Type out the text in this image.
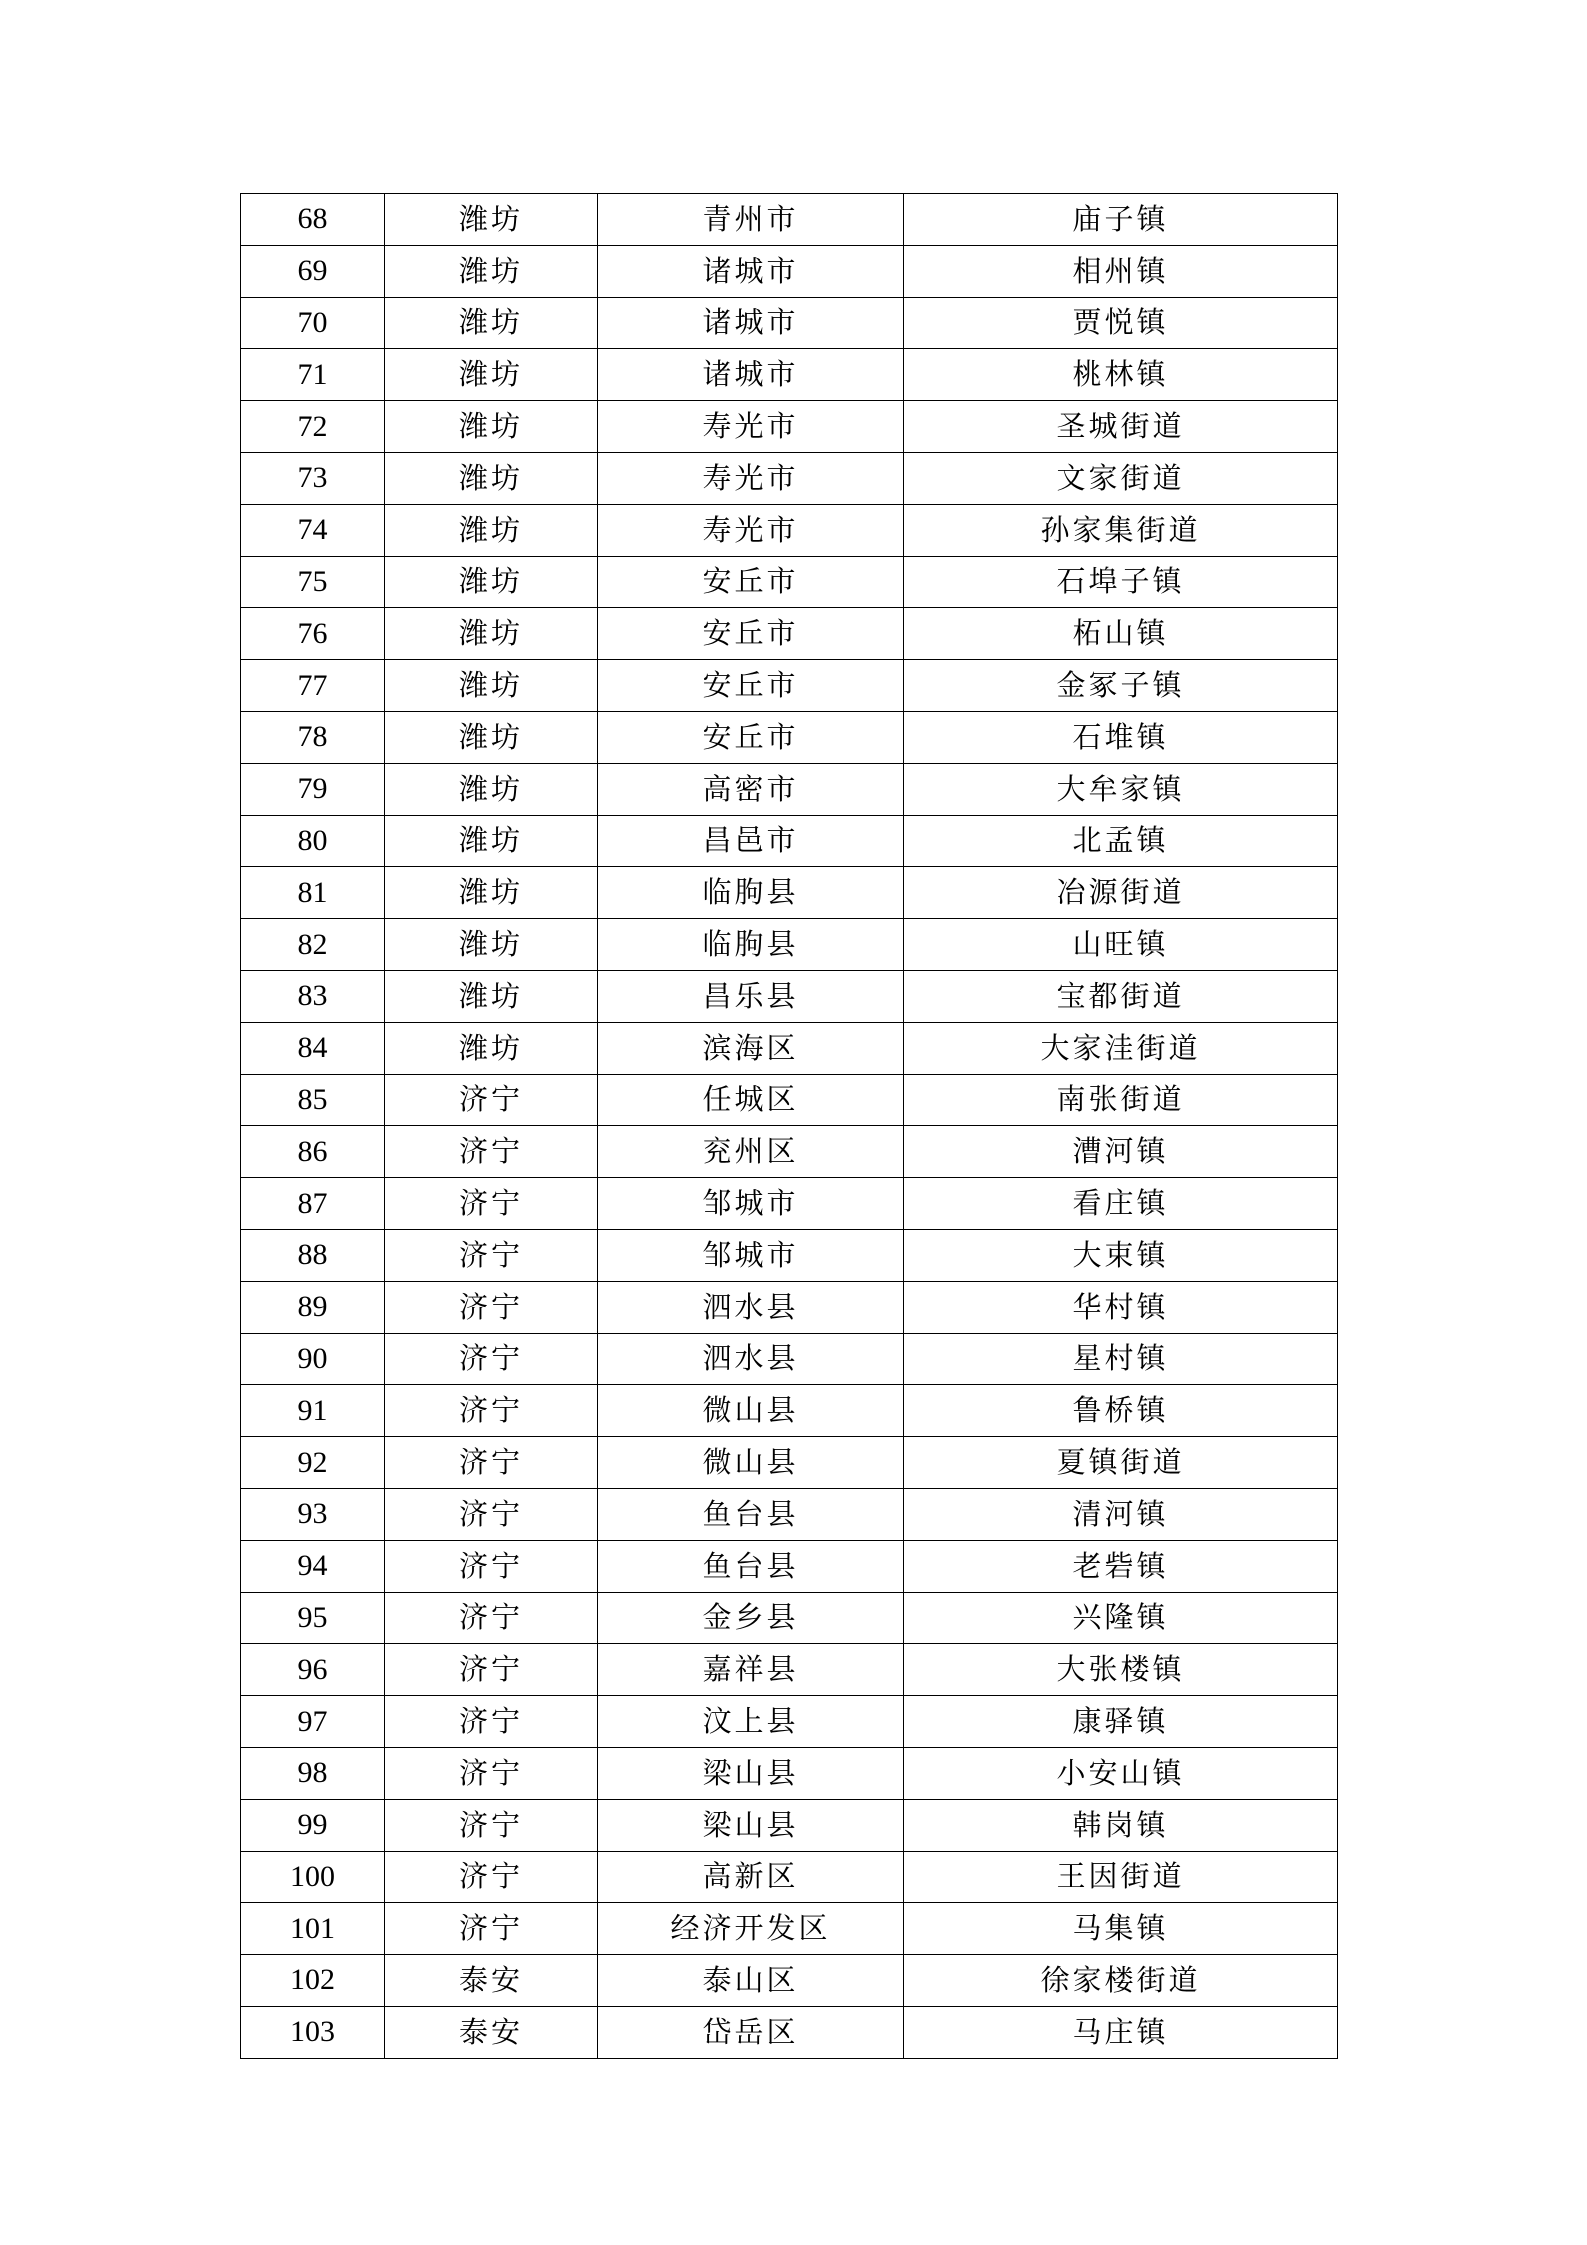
68	潍坊	青州市	庙子镇
69	潍坊	诸城市	相州镇
70	潍坊	诸城市	贾悦镇
71	潍坊	诸城市	桃林镇
72	潍坊	寿光市	圣城街道
73	潍坊	寿光市	文家街道
74	潍坊	寿光市	孙家集街道
75	潍坊	安丘市	石埠子镇
76	潍坊	安丘市	柘山镇
77	潍坊	安丘市	金冢子镇
78	潍坊	安丘市	石堆镇
79	潍坊	高密市	大牟家镇
80	潍坊	昌邑市	北孟镇
81	潍坊	临朐县	冶源街道
82	潍坊	临朐县	山旺镇
83	潍坊	昌乐县	宝都街道
84	潍坊	滨海区	大家洼街道
85	济宁	任城区	南张街道
86	济宁	兖州区	漕河镇
87	济宁	邹城市	看庄镇
88	济宁	邹城市	大束镇
89	济宁	泗水县	华村镇
90	济宁	泗水县	星村镇
91	济宁	微山县	鲁桥镇
92	济宁	微山县	夏镇街道
93	济宁	鱼台县	清河镇
94	济宁	鱼台县	老砦镇
95	济宁	金乡县	兴隆镇
96	济宁	嘉祥县	大张楼镇
97	济宁	汶上县	康驿镇
98	济宁	梁山县	小安山镇
99	济宁	梁山县	韩岗镇
100	济宁	高新区	王因街道
101	济宁	经济开发区	马集镇
102	泰安	泰山区	徐家楼街道
103	泰安	岱岳区	马庄镇
